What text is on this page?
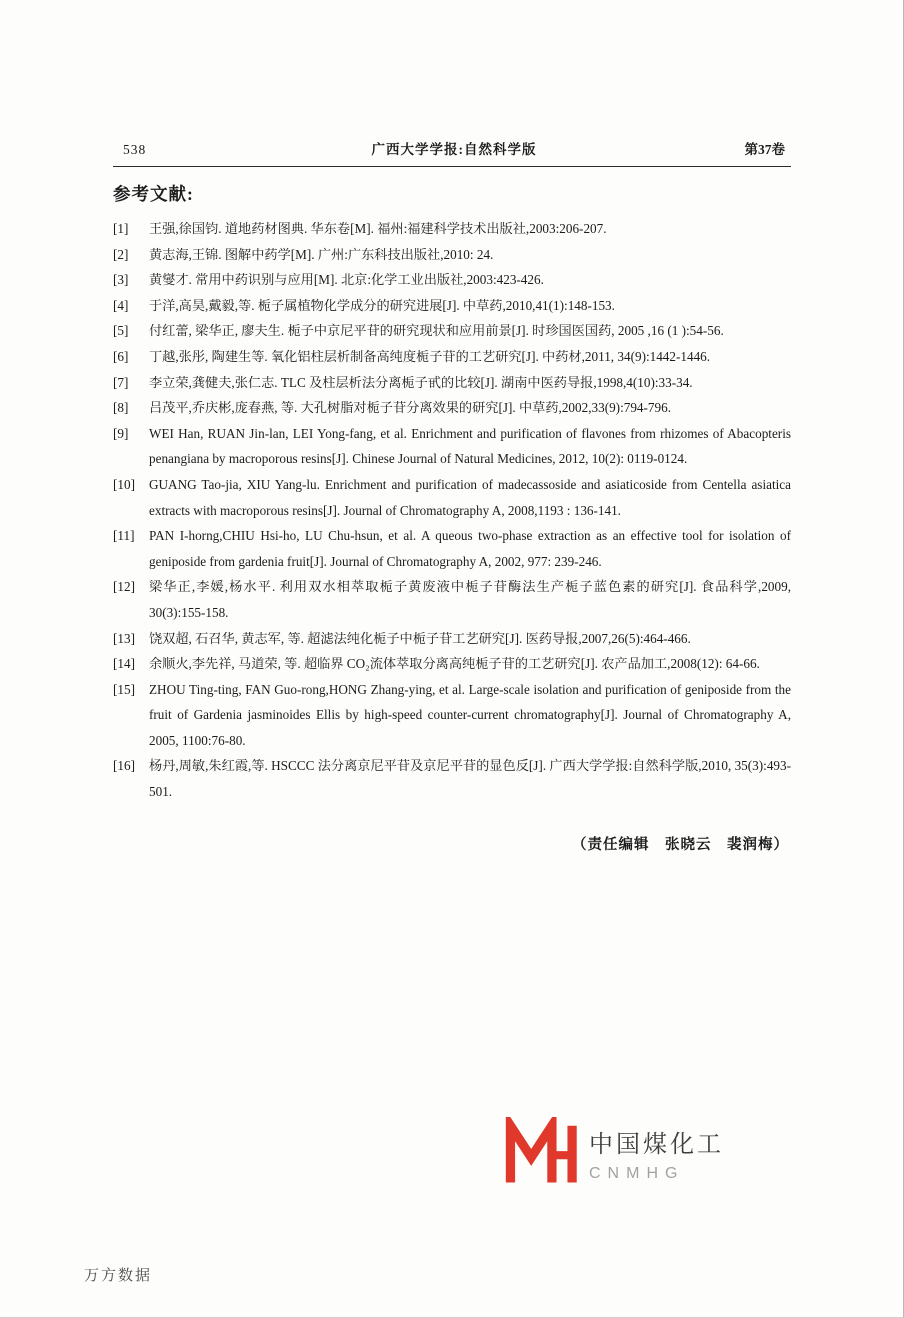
538	广西大学学报:自然科学版	第37卷
参考文献:
[1]	王强,徐国钧. 道地药材图典. 华东卷[M]. 福州:福建科学技术出版社,2003:206-207.
[2]	黄志海,王锦. 图解中药学[M]. 广州:广东科技出版社,2010: 24.
[3]	黄燮才. 常用中药识别与应用[M]. 北京:化学工业出版社,2003:423-426.
[4]	于洋,高昊,戴毅,等. 栀子属植物化学成分的研究进展[J]. 中草药,2010,41(1):148-153.
[5]	付红蕾, 梁华正, 廖夫生. 栀子中京尼平苷的研究现状和应用前景[J]. 时珍国医国药, 2005 ,16 (1 ):54-56.
[6]	丁越,张彤, 陶建生等. 氧化铝柱层析制备高纯度栀子苷的工艺研究[J]. 中药材,2011, 34(9):1442-1446.
[7]	李立荣,龚健夫,张仁志. TLC 及柱层析法分离栀子甙的比较[J]. 湖南中医药导报,1998,4(10):33-34.
[8]	吕茂平,乔庆彬,庞春燕, 等. 大孔树脂对栀子苷分离效果的研究[J]. 中草药,2002,33(9):794-796.
[9]	WEI Han, RUAN Jin-lan, LEI Yong-fang, et al. Enrichment and purification of flavones from rhizomes of Abacopteris penangiana by macroporous resins[J]. Chinese Journal of Natural Medicines, 2012, 10(2): 0119-0124.
[10]	GUANG Tao-jia, XIU Yang-lu. Enrichment and purification of madecassoside and asiaticoside from Centella asiatica extracts with macroporous resins[J]. Journal of Chromatography A, 2008,1193 : 136-141.
[11]	PAN I-horng,CHIU Hsi-ho, LU Chu-hsun, et al. A queous two-phase extraction as an effective tool for isolation of geniposide from gardenia fruit[J]. Journal of Chromatography A, 2002, 977: 239-246.
[12]	梁华正,李媛,杨水平. 利用双水相萃取栀子黄废液中栀子苷酶法生产栀子蓝色素的研究[J]. 食品科学,2009, 30(3):155-158.
[13]	饶双超, 石召华, 黄志军, 等. 超滤法纯化栀子中栀子苷工艺研究[J]. 医药导报,2007,26(5):464-466.
[14]	余顺火,李先祥, 马道荣, 等. 超临界 CO₂流体萃取分离高纯栀子苷的工艺研究[J]. 农产品加工,2008(12): 64-66.
[15]	ZHOU Ting-ting, FAN Guo-rong,HONG Zhang-ying, et al. Large-scale isolation and purification of geniposide from the fruit of Gardenia jasminoides Ellis by high-speed counter-current chromatography[J]. Journal of Chromatography A, 2005, 1100:76-80.
[16]	杨丹,周敏,朱红霞,等. HSCCC 法分离京尼平苷及京尼平苷的显色反[J]. 广西大学学报:自然科学版,2010, 35(3):493-501.
（责任编辑　张晓云　裴润梅）
中国煤化工
CNMHG
万方数据
